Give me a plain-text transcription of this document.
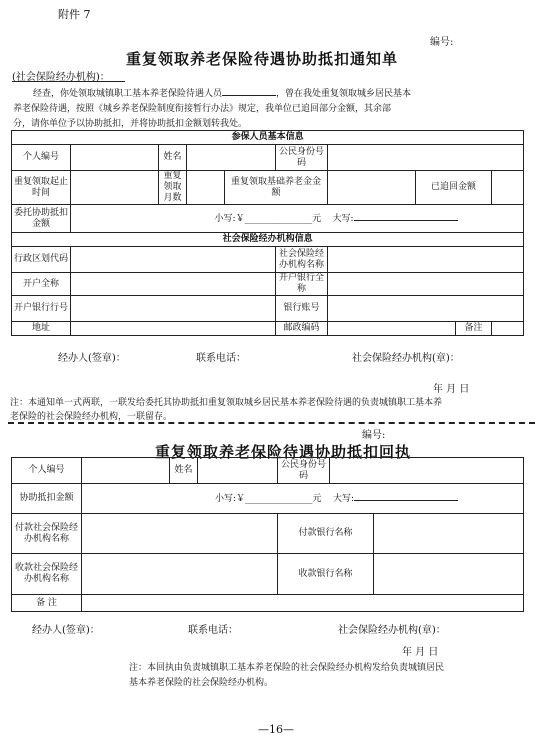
附件 7
编号:
重复领取养老保险待遇协助抵扣通知单
(社会保险经办机构)：
经查，你处领取城镇职工基本养老保险待遇人员	，曾在我处重复领取城乡居民基本
养老保险待遇，按照《城乡养老保险制度衔接暂行办法》规定，我单位已追回部分金额，其余部
分，请你单位予以协助抵扣，并将协助抵扣金额划转我处。
参保人员基本信息									
个人编号		姓名			公民身份号码				
重复领取起止时间		重复领取月数		重复领取基础养老金金额			已追回金额		
委托协助抵扣金额	小写:￥_______________元 大写:								
社会保险经办机构信息									
行政区划代码					社会保险经办机构名称				
开户全称					开户银行全称				
开户银行行号					银行账号				
地址					邮政编码			备注	
经办人(签章)：	联系电话：	社会保险经办机构(章)：
年 月 日
注：本通知单一式两联，一联发给委托其协助抵扣重复领取城乡居民基本养老保险待遇的负责城镇职工基本养
老保险的社会保险经办机构，一联留存。
编号:
重复领取养老保险待遇协助抵扣回执
个人编号		姓名		公民身份号码		
协助抵扣金额	小写:￥_______________元 大写:					
付款社会保险经办机构名称				付款银行名称		
收款社会保险经办机构名称				收款银行名称		
备 注						
经办人(签章)：	联系电话：	社会保险经办机构(章)：
年 月 日
注：本回执由负责城镇职工基本养老保险的社会保险经办机构发给负责城镇居民
基本养老保险的社会保险经办机构。
—16—
